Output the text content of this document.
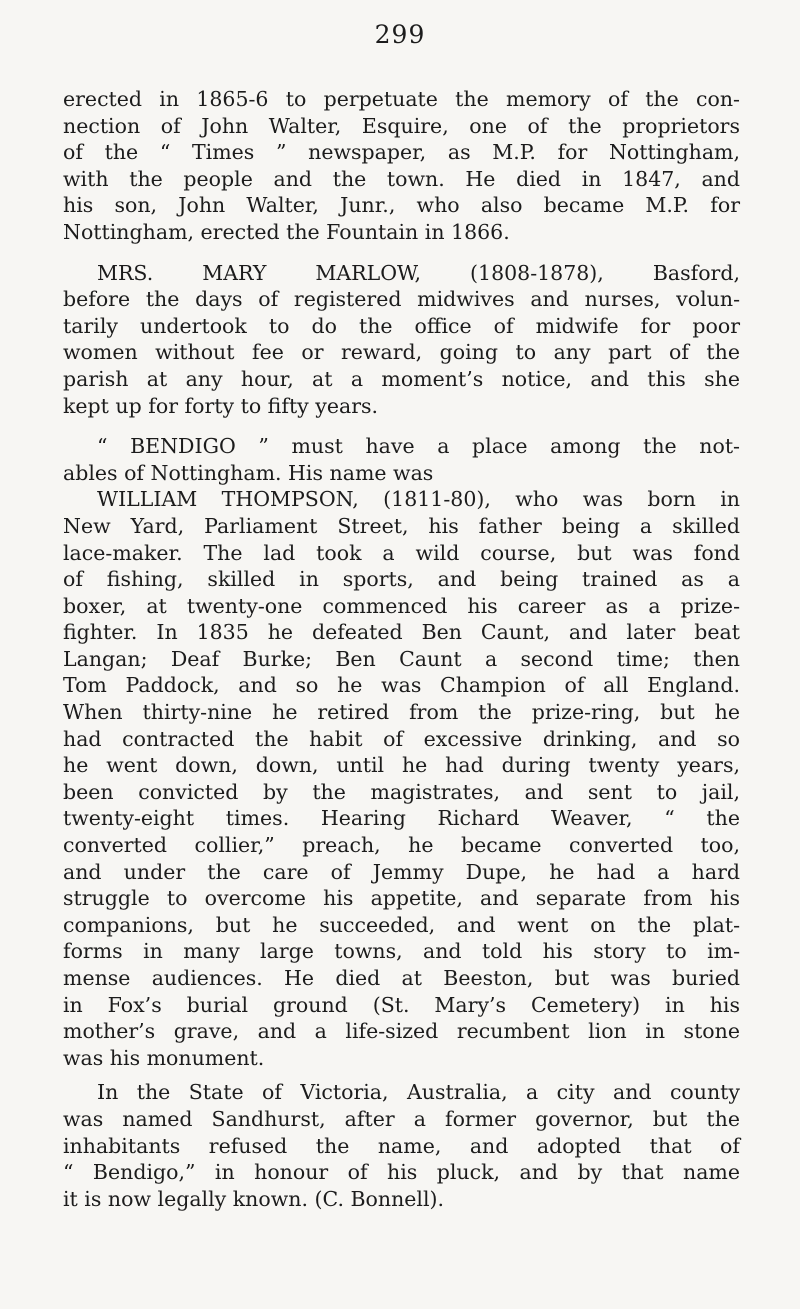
299
erected in 1865-6 to perpetuate the memory of the con-
nection of John Walter, Esquire, one of the proprietors
of the “ Times ” newspaper, as M.P. for Nottingham,
with the people and the town. He died in 1847, and
his son, John Walter, Junr., who also became M.P. for
Nottingham, erected the Fountain in 1866.
MRS. MARY MARLOW, (1808-1878), Basford,
before the days of registered midwives and nurses, volun-
tarily undertook to do the office of midwife for poor
women without fee or reward, going to any part of the
parish at any hour, at a moment’s notice, and this she
kept up for forty to fifty years.
“ BENDIGO ” must have a place among the not-
ables of Nottingham. His name was
WILLIAM THOMPSON, (1811-80), who was born in
New Yard, Parliament Street, his father being a skilled
lace-maker. The lad took a wild course, but was fond
of fishing, skilled in sports, and being trained as a
boxer, at twenty-one commenced his career as a prize-
fighter. In 1835 he defeated Ben Caunt, and later beat
Langan; Deaf Burke; Ben Caunt a second time; then
Tom Paddock, and so he was Champion of all England.
When thirty-nine he retired from the prize-ring, but he
had contracted the habit of excessive drinking, and so
he went down, down, until he had during twenty years,
been convicted by the magistrates, and sent to jail,
twenty-eight times. Hearing Richard Weaver, “ the
converted collier,” preach, he became converted too,
and under the care of Jemmy Dupe, he had a hard
struggle to overcome his appetite, and separate from his
companions, but he succeeded, and went on the plat-
forms in many large towns, and told his story to im-
mense audiences. He died at Beeston, but was buried
in Fox’s burial ground (St. Mary’s Cemetery) in his
mother’s grave, and a life-sized recumbent lion in stone
was his monument.
In the State of Victoria, Australia, a city and county
was named Sandhurst, after a former governor, but the
inhabitants refused the name, and adopted that of
“ Bendigo,” in honour of his pluck, and by that name
it is now legally known. (C. Bonnell).
